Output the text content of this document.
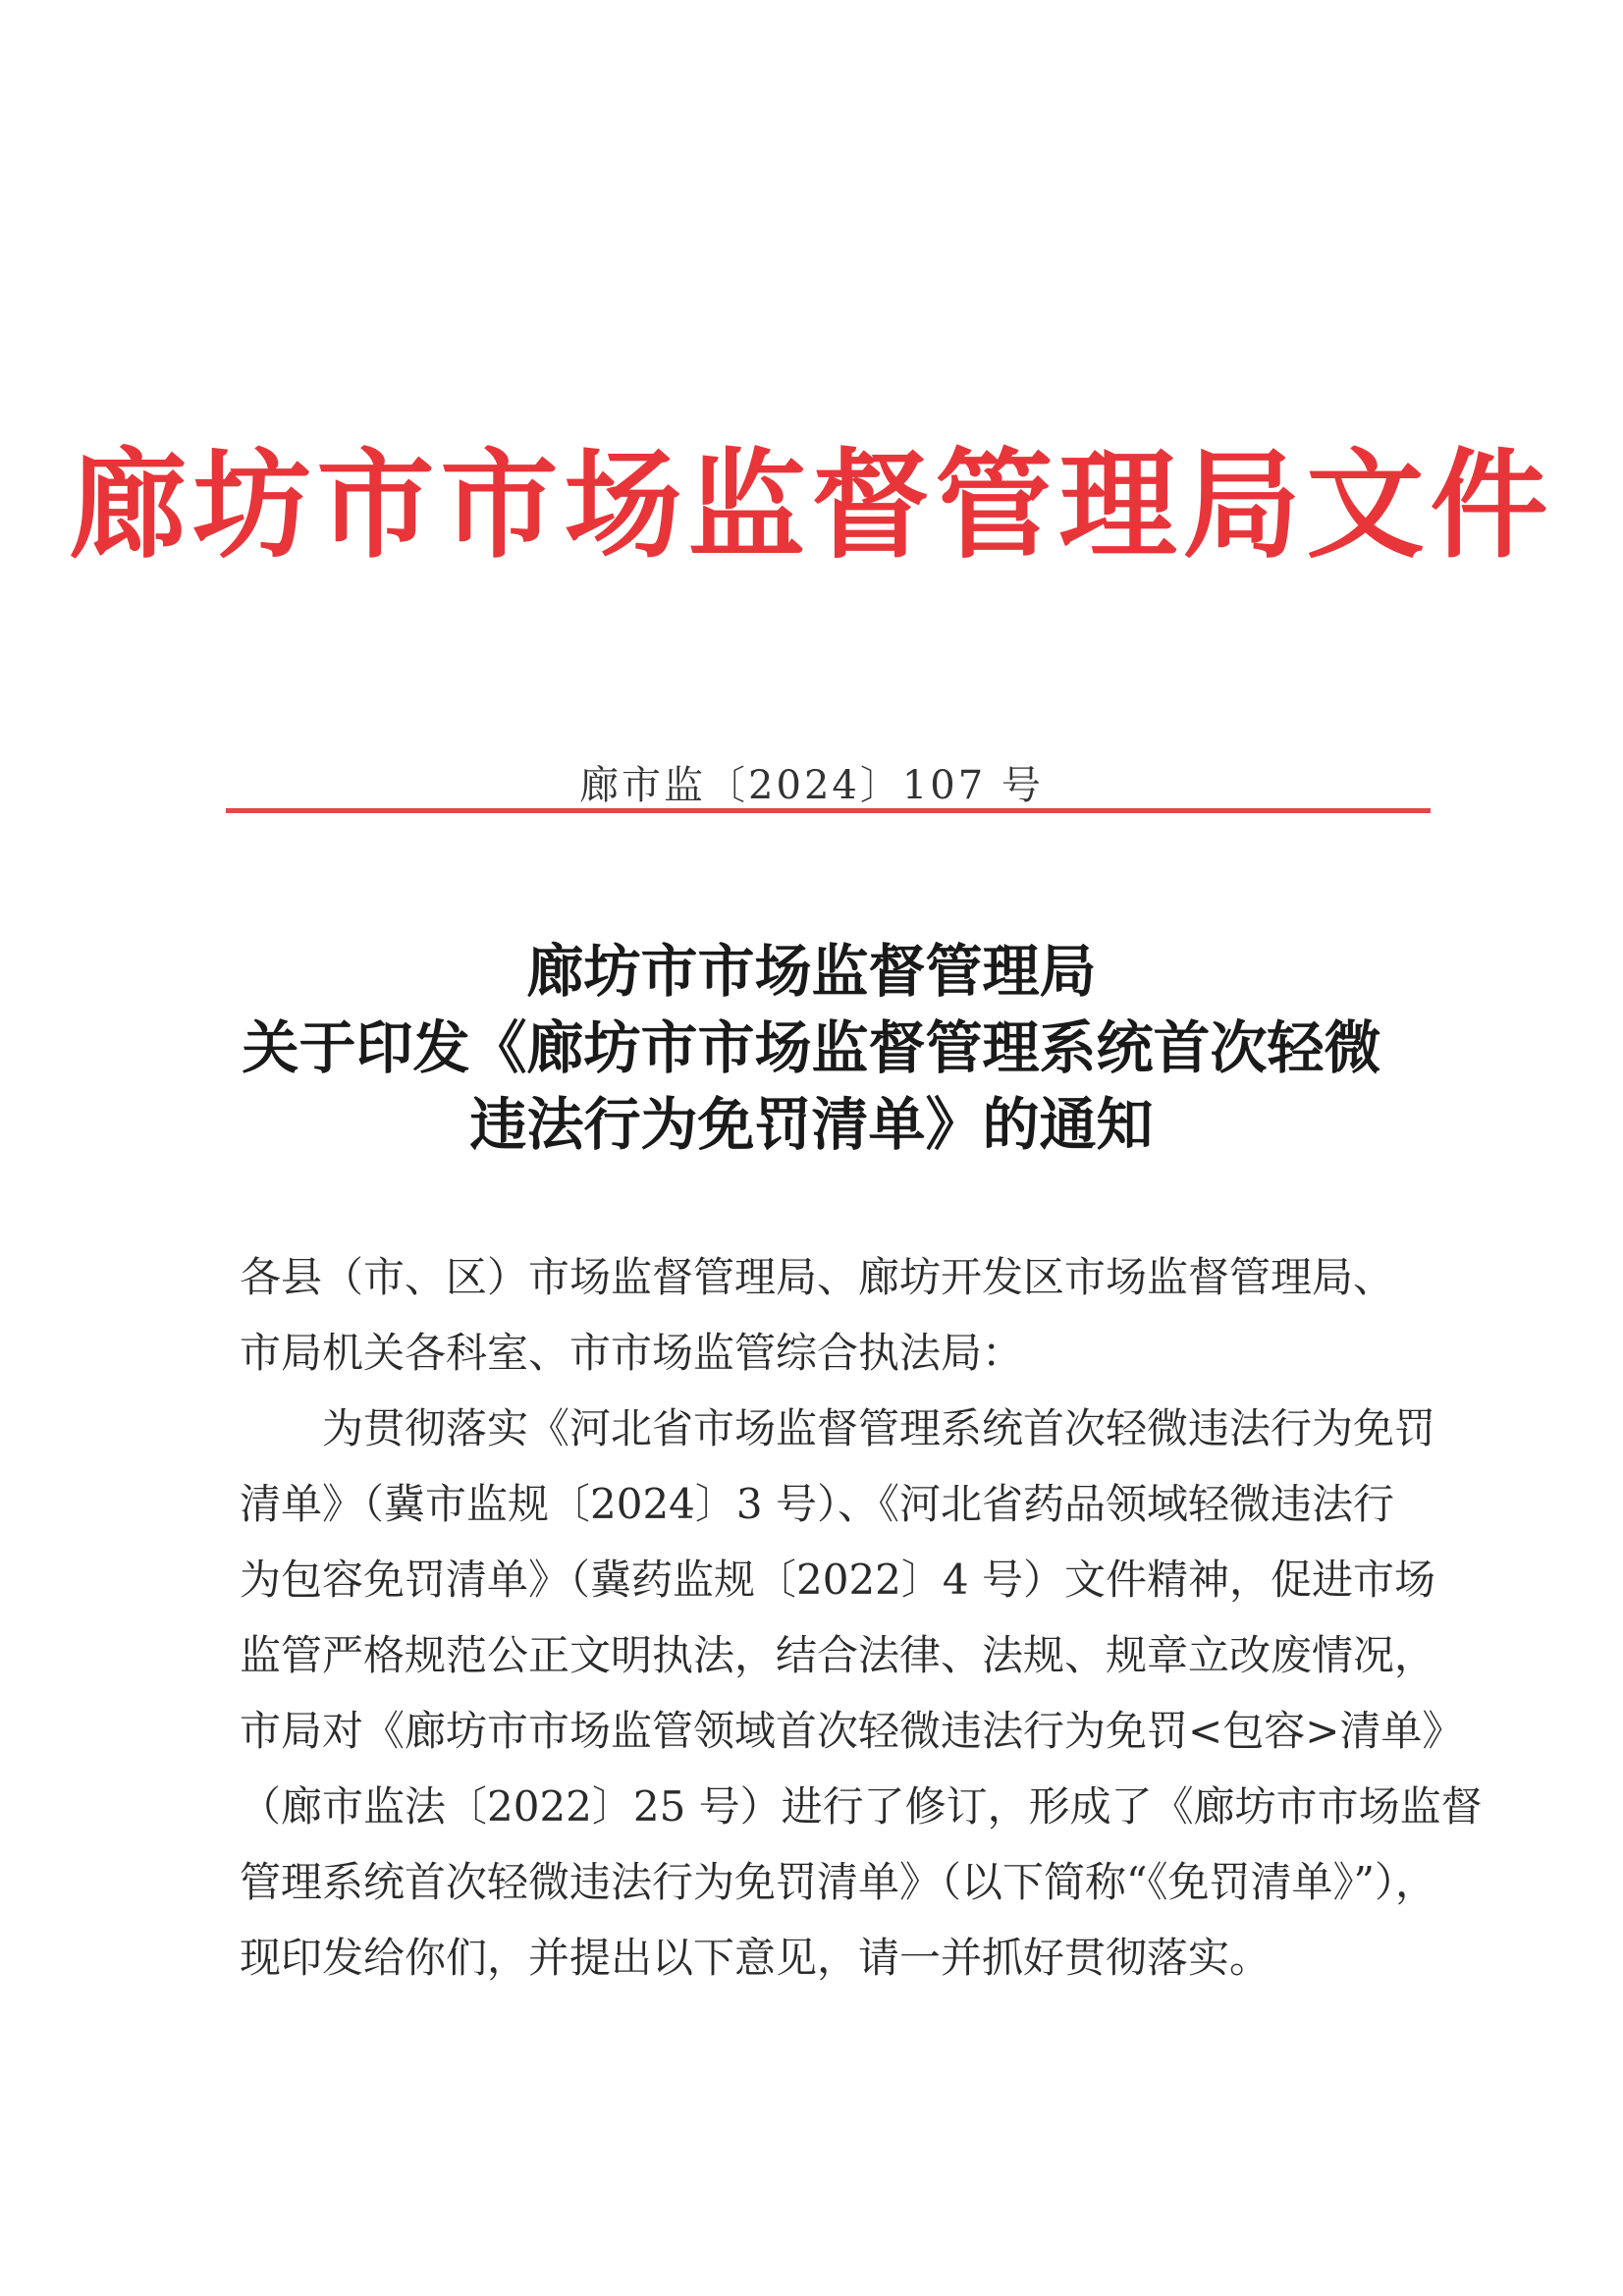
廊坊市市场监督管理局文件
廊市监〔2024〕107 号
廊坊市市场监督管理局
关于印发《廊坊市市场监督管理系统首次轻微
违法行为免罚清单》的通知
各县（市、区）市场监督管理局、廊坊开发区市场监督管理局、
市局机关各科室、市市场监管综合执法局：
为贯彻落实《河北省市场监督管理系统首次轻微违法行为免罚
清单》（冀市监规〔2024〕3 号）、《河北省药品领域轻微违法行
为包容免罚清单》（冀药监规〔2022〕4 号）文件精神，促进市场
监管严格规范公正文明执法，结合法律、法规、规章立改废情况，
市局对《廊坊市市场监管领域首次轻微违法行为免罚<包容>清单》
（廊市监法〔2022〕25 号）进行了修订，形成了《廊坊市市场监督
管理系统首次轻微违法行为免罚清单》（以下简称“《免罚清单》”），
现印发给你们，并提出以下意见，请一并抓好贯彻落实。
